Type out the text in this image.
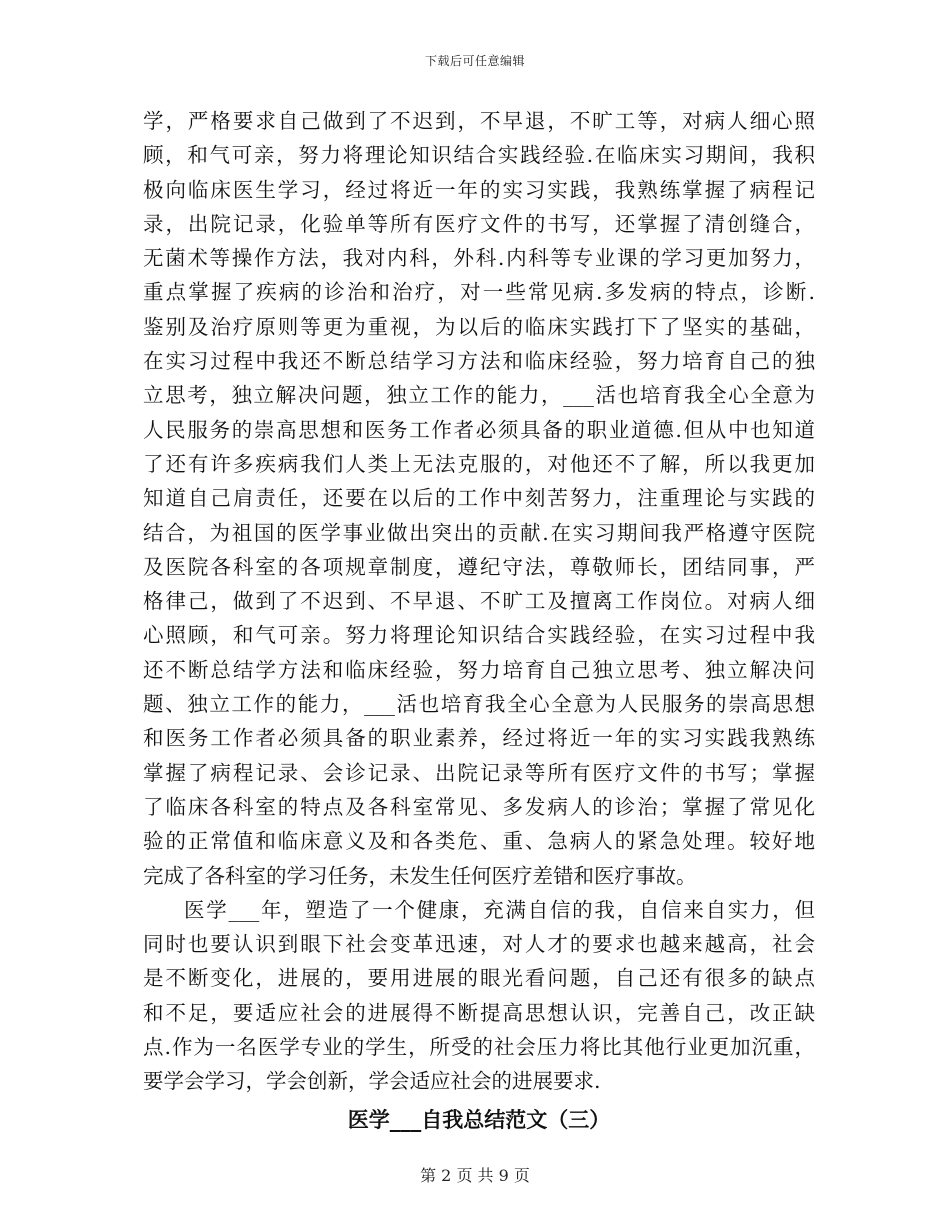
下载后可任意编辑
学，严格要求自己做到了不迟到，不早退，不旷工等，对病人细心照
顾，和气可亲，努力将理论知识结合实践经验.在临床实习期间，我积
极向临床医生学习，经过将近一年的实习实践，我熟练掌握了病程记
录，出院记录，化验单等所有医疗文件的书写，还掌握了清创缝合，
无菌术等操作方法，我对内科，外科.内科等专业课的学习更加努力，
重点掌握了疾病的诊治和治疗，对一些常见病.多发病的特点，诊断.
鉴别及治疗原则等更为重视，为以后的临床实践打下了坚实的基础，
在实习过程中我还不断总结学习方法和临床经验，努力培育自己的独
立思考，独立解决问题，独立工作的能力，___活也培育我全心全意为
人民服务的崇高思想和医务工作者必须具备的职业道德.但从中也知道
了还有许多疾病我们人类上无法克服的，对他还不了解，所以我更加
知道自己肩责任，还要在以后的工作中刻苦努力，注重理论与实践的
结合，为祖国的医学事业做出突出的贡献.在实习期间我严格遵守医院
及医院各科室的各项规章制度，遵纪守法，尊敬师长，团结同事，严
格律己，做到了不迟到、不早退、不旷工及擅离工作岗位。对病人细
心照顾，和气可亲。努力将理论知识结合实践经验，在实习过程中我
还不断总结学方法和临床经验，努力培育自己独立思考、独立解决问
题、独立工作的能力，___活也培育我全心全意为人民服务的崇高思想
和医务工作者必须具备的职业素养，经过将近一年的实习实践我熟练
掌握了病程记录、会诊记录、出院记录等所有医疗文件的书写；掌握
了临床各科室的特点及各科室常见、多发病人的诊治；掌握了常见化
验的正常值和临床意义及和各类危、重、急病人的紧急处理。较好地
完成了各科室的学习任务，未发生任何医疗差错和医疗事故。
医学___年，塑造了一个健康，充满自信的我，自信来自实力，但
同时也要认识到眼下社会变革迅速，对人才的要求也越来越高，社会
是不断变化，进展的，要用进展的眼光看问题，自己还有很多的缺点
和不足，要适应社会的进展得不断提高思想认识，完善自己，改正缺
点.作为一名医学专业的学生，所受的社会压力将比其他行业更加沉重，
要学会学习，学会创新，学会适应社会的进展要求.
医学___自我总结范文（三）
第 2 页 共 9 页
